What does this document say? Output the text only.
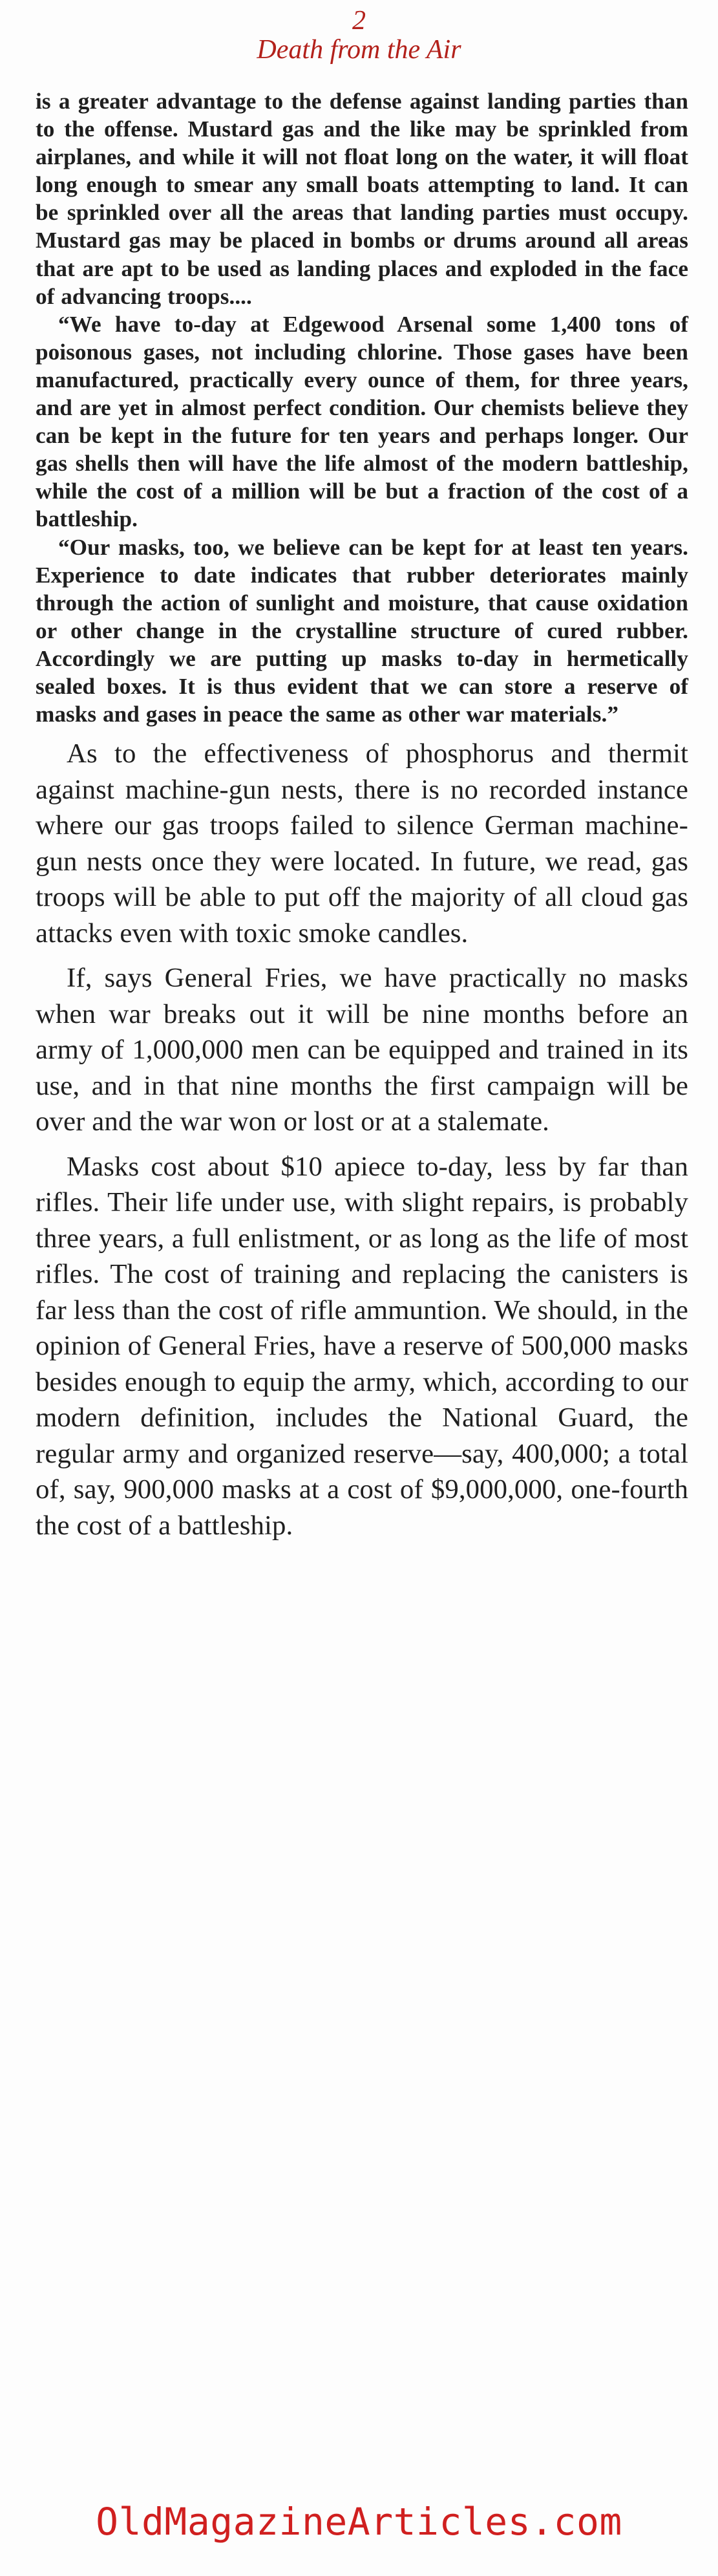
2
Death from the Air

is a greater advantage to the defense against landing parties than to the offense. Mustard gas and the like may be sprinkled from airplanes, and while it will not float long on the water, it will float long enough to smear any small boats attempting to land. It can be sprinkled over all the areas that landing parties must occupy. Mustard gas may be placed in bombs or drums around all areas that are apt to be used as landing places and exploded in the face of advancing troops....

“We have to-day at Edgewood Arsenal some 1,400 tons of poisonous gases, not including chlorine. Those gases have been manufactured, practically every ounce of them, for three years, and are yet in almost perfect condition. Our chemists believe they can be kept in the future for ten years and perhaps longer. Our gas shells then will have the life almost of the modern battleship, while the cost of a million will be but a fraction of the cost of a battleship.

“Our masks, too, we believe can be kept for at least ten years. Experience to date indicates that rubber deteriorates mainly through the action of sunlight and moisture, that cause oxidation or other change in the crystalline structure of cured rubber. Accordingly we are putting up masks to-day in hermetically sealed boxes. It is thus evident that we can store a reserve of masks and gases in peace the same as other war materials.”

As to the effectiveness of phosphorus and thermit against machine-gun nests, there is no recorded instance where our gas troops failed to silence German machine-gun nests once they were located. In future, we read, gas troops will be able to put off the majority of all cloud gas attacks even with toxic smoke candles.

If, says General Fries, we have practically no masks when war breaks out it will be nine months before an army of 1,000,000 men can be equipped and trained in its use, and in that nine months the first campaign will be over and the war won or lost or at a stalemate.

Masks cost about $10 apiece to-day, less by far than rifles. Their life under use, with slight repairs, is probably three years, a full enlistment, or as long as the life of most rifles. The cost of training and replacing the canisters is far less than the cost of rifle ammuntion. We should, in the opinion of General Fries, have a reserve of 500,000 masks besides enough to equip the army, which, according to our modern definition, includes the National Guard, the regular army and organized reserve—say, 400,000; a total of, say, 900,000 masks at a cost of $9,000,000, one-fourth the cost of a battleship.

OldMagazineArticles.com
